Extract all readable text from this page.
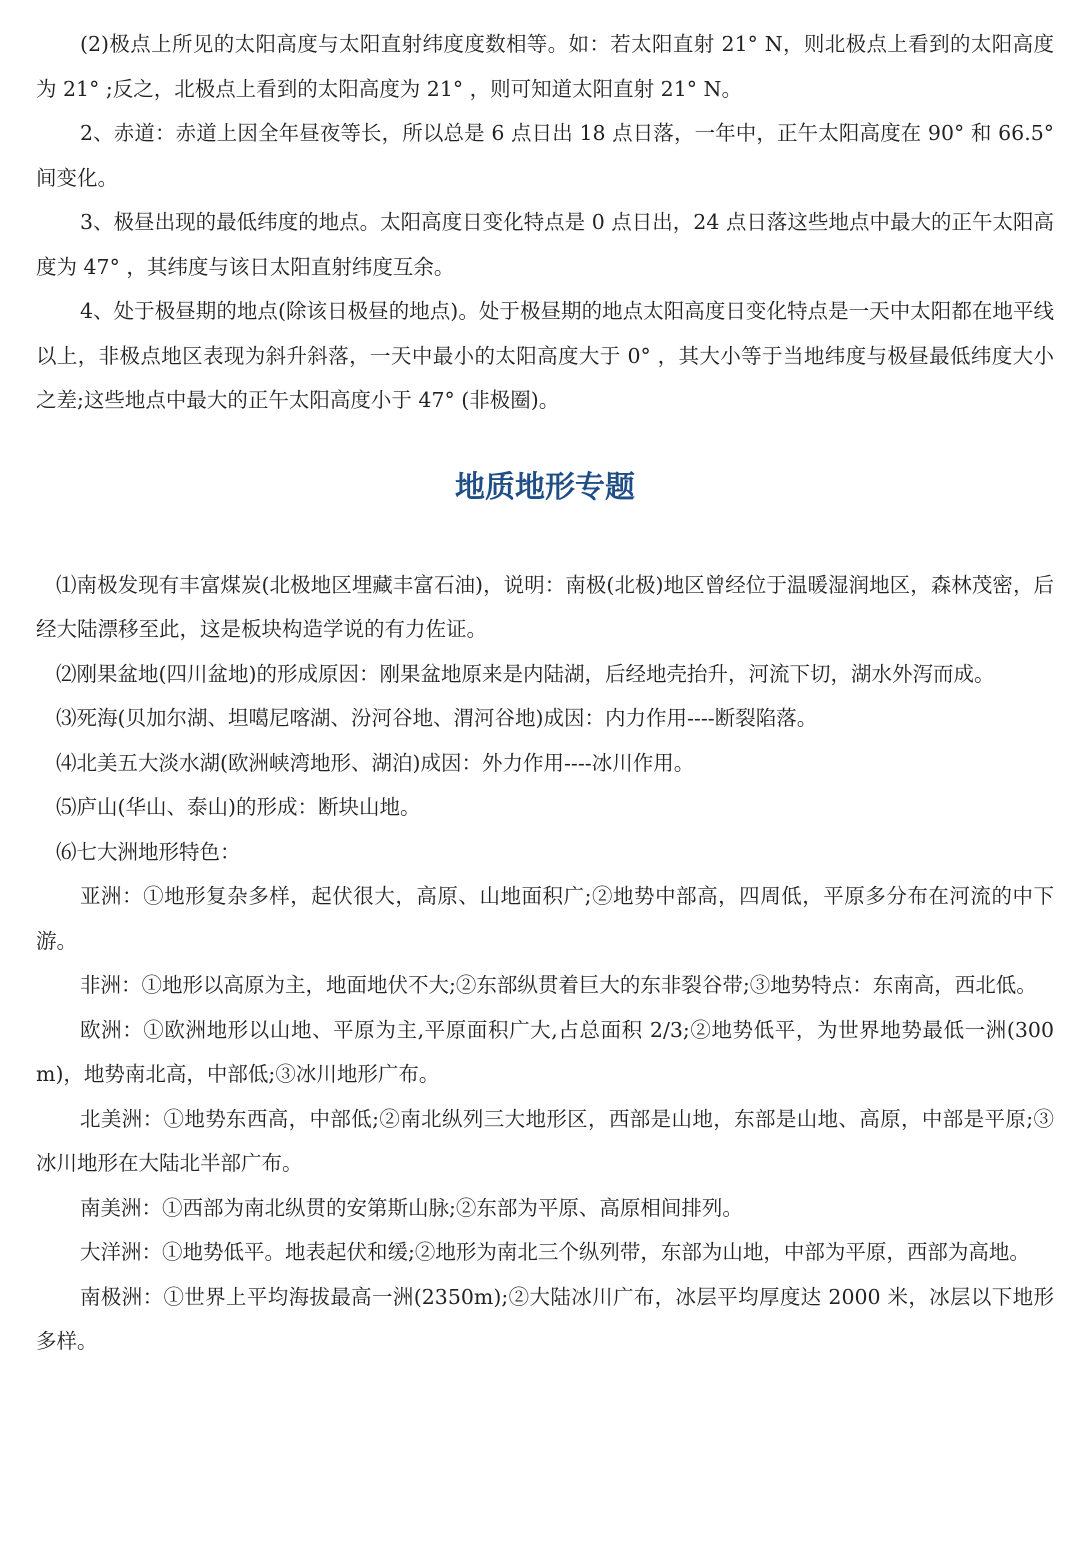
(2)极点上所见的太阳高度与太阳直射纬度度数相等。如：若太阳直射 21° N，则北极点上看到的太阳高度为 21° ;反之，北极点上看到的太阳高度为 21° ，则可知道太阳直射 21° N。

2、赤道：赤道上因全年昼夜等长，所以总是 6 点日出 18 点日落，一年中，正午太阳高度在 90° 和 66.5° 间变化。

3、极昼出现的最低纬度的地点。太阳高度日变化特点是 0 点日出，24 点日落这些地点中最大的正午太阳高度为 47° ，其纬度与该日太阳直射纬度互余。

4、处于极昼期的地点(除该日极昼的地点)。处于极昼期的地点太阳高度日变化特点是一天中太阳都在地平线以上，非极点地区表现为斜升斜落，一天中最小的太阳高度大于 0° ，其大小等于当地纬度与极昼最低纬度大小之差;这些地点中最大的正午太阳高度小于 47° (非极圈)。

地质地形专题

⑴南极发现有丰富煤炭(北极地区埋藏丰富石油)，说明：南极(北极)地区曾经位于温暖湿润地区，森林茂密，后经大陆漂移至此，这是板块构造学说的有力佐证。

⑵刚果盆地(四川盆地)的形成原因：刚果盆地原来是内陆湖，后经地壳抬升，河流下切，湖水外泻而成。

⑶死海(贝加尔湖、坦噶尼喀湖、汾河谷地、渭河谷地)成因：内力作用----断裂陷落。

⑷北美五大淡水湖(欧洲峡湾地形、湖泊)成因：外力作用----冰川作用。

⑸庐山(华山、泰山)的形成：断块山地。

⑹七大洲地形特色：

亚洲：①地形复杂多样，起伏很大，高原、山地面积广;②地势中部高，四周低，平原多分布在河流的中下游。

非洲：①地形以高原为主，地面地伏不大;②东部纵贯着巨大的东非裂谷带;③地势特点：东南高，西北低。

欧洲：①欧洲地形以山地、平原为主,平原面积广大,占总面积 2/3;②地势低平，为世界地势最低一洲(300m)，地势南北高，中部低;③冰川地形广布。

北美洲：①地势东西高，中部低;②南北纵列三大地形区，西部是山地，东部是山地、高原，中部是平原;③冰川地形在大陆北半部广布。

南美洲：①西部为南北纵贯的安第斯山脉;②东部为平原、高原相间排列。

大洋洲：①地势低平。地表起伏和缓;②地形为南北三个纵列带，东部为山地，中部为平原，西部为高地。

南极洲：①世界上平均海拔最高一洲(2350m);②大陆冰川广布，冰层平均厚度达 2000 米，冰层以下地形多样。
